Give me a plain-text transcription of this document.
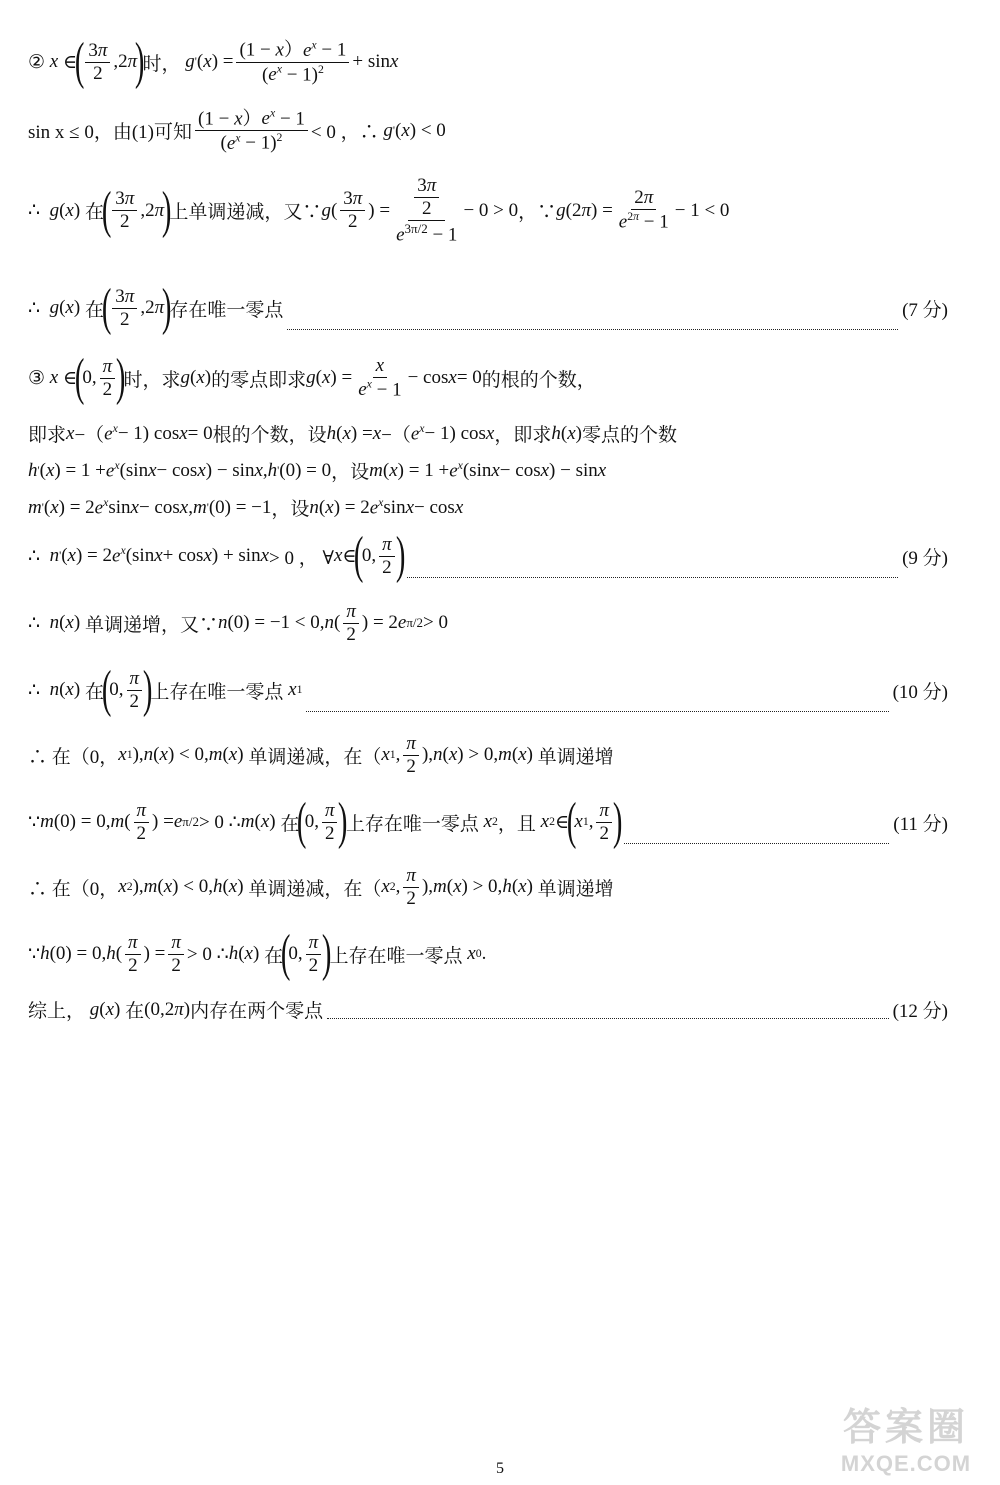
②
x ∈
( $\frac{3\pi}{2} ,2$ π
)
时，
g ' ( x ) = $\frac{(1 - x)e^x - 1}{(e^x - 1)^2} + \sin x$
sin x ≤ 0，由(1)可知 $\frac{(1 - x)e^x - 1}{(e^x - 1)^2} < 0$ ，∴
g ' ( x ) < 0
∴ g ( x ) 在
( $\frac{3\pi}{2} ,2$ π
)
上单调递减，又∵ g ( $\frac{3\pi}{2}$ ) = $\frac{\frac{3\pi}{2}}{e^{3\pi/2} - 1} - 0 > 0$ ，∵ g (2 π ) = $\frac{2\pi}{e^{2\pi} - 1} - 1 < 0$
∴ g ( x ) 在
( $\frac{3\pi}{2} ,2$ π
)
存在唯一零点	(7 分)
③
x ∈
(
0, $\frac{\pi}{2}$ )
时，求 g ( x ) 的零点即求 g ( x ) = $\frac{x}{e^x - 1} - \cos x = 0$ 的根的个数，
即求 x −（ $e^x - 1$) cos x = 0 根的个数，设 h ( x ) = x −（ $e^x - 1$) cos x ，即求 h ( x ) 零点的个数
h ' ( x ) = $1 + e^x$ (sin x − cos x ) − sin x , h ' (0) = 0 ，设 m ( x ) = $1 + e^x$ (sin x − cos x ) − sin x
m ' ( x ) = 2 $e^x$ sin x − cos x , m ' (0) = −1 ，设 n ( x ) = 2 $e^x$ sin x − cos x
∴ n ' ( x ) = 2 $e^x$ (sin x + cos x ) + sin x > 0 ， ∀ x ∈
(
0, $\frac{\pi}{2}$ )	(9 分)
∴ n ( x ) 单调递增，又∵ n (0) = −1 < 0, n ( $\frac{\pi}{2}$ ) = 2 e π/2 > 0
∴ n ( x ) 在
(
0, $\frac{\pi}{2}$ )
上存在唯一零点
x 1	(10 分)
∴ 在（0， x 1 ), n ( x ) < 0, m ( x ) 单调递减，在（ x 1 , $\frac{\pi}{2}$ ), n ( x ) > 0, m ( x ) 单调递增
∵ m (0) = 0, m ( $\frac{\pi}{2}$ ) = e π/2 > 0 ∴ m ( x ) 在
(
0, $\frac{\pi}{2}$ )
上存在唯一零点
x 2 ，且
x 2 ∈
(
x 1 , $\frac{\pi}{2}$ )	(11 分)
∴ 在（0， x 2 ), m ( x ) < 0, h ( x ) 单调递减，在（ x 2 , $\frac{\pi}{2}$ ), m ( x ) > 0, h ( x ) 单调递增
∵ h (0) = 0, h ( $\frac{\pi}{2}$ ) = $\frac{\pi}{2} > 0$ ∴ h ( x ) 在
(
0, $\frac{\pi}{2}$ )
上存在唯一零点
x 0 .
综上，
g ( x ) 在 (0,2 π ) 内存在两个零点	(12 分)
5
答案圈
MXQE.COM
